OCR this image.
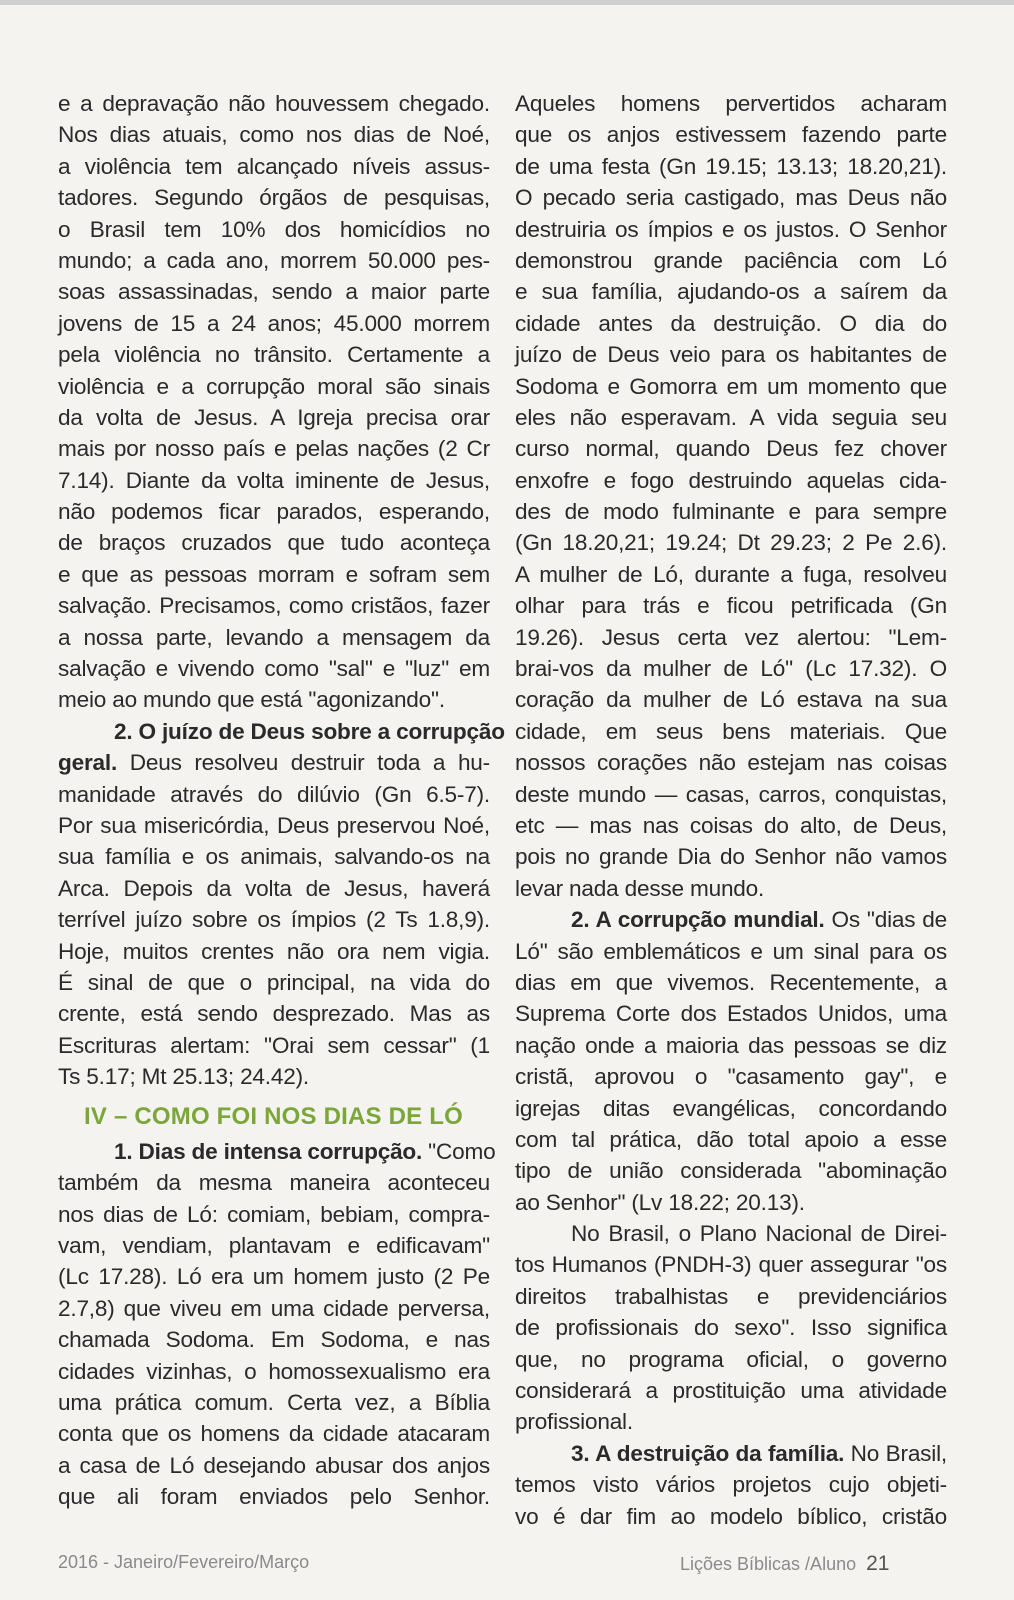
e a depravação não houvessem chegado.
Nos dias atuais, como nos dias de Noé,
a violência tem alcançado níveis assus-
tadores. Segundo órgãos de pesquisas,
o Brasil tem 10% dos homicídios no
mundo; a cada ano, morrem 50.000 pes-
soas assassinadas, sendo a maior parte
jovens de 15 a 24 anos; 45.000 morrem
pela violência no trânsito. Certamente a
violência e a corrupção moral são sinais
da volta de Jesus. A Igreja precisa orar
mais por nosso país e pelas nações (2 Cr
7.14). Diante da volta iminente de Jesus,
não podemos ficar parados, esperando,
de braços cruzados que tudo aconteça
e que as pessoas morram e sofram sem
salvação. Precisamos, como cristãos, fazer
a nossa parte, levando a mensagem da
salvação e vivendo como "sal" e "luz" em
meio ao mundo que está "agonizando".
2. O juízo de Deus sobre a corrupção
geral. Deus resolveu destruir toda a hu-
manidade através do dilúvio (Gn 6.5-7).
Por sua misericórdia, Deus preservou Noé,
sua família e os animais, salvando-os na
Arca. Depois da volta de Jesus, haverá
terrível juízo sobre os ímpios (2 Ts 1.8,9).
Hoje, muitos crentes não ora nem vigia.
É sinal de que o principal, na vida do
crente, está sendo desprezado. Mas as
Escrituras alertam: "Orai sem cessar" (1
Ts 5.17; Mt 25.13; 24.42).
IV – COMO FOI NOS DIAS DE LÓ
1. Dias de intensa corrupção. "Como
também da mesma maneira aconteceu
nos dias de Ló: comiam, bebiam, compra-
vam, vendiam, plantavam e edificavam"
(Lc 17.28). Ló era um homem justo (2 Pe
2.7,8) que viveu em uma cidade perversa,
chamada Sodoma. Em Sodoma, e nas
cidades vizinhas, o homossexualismo era
uma prática comum. Certa vez, a Bíblia
conta que os homens da cidade atacaram
a casa de Ló desejando abusar dos anjos
que ali foram enviados pelo Senhor.
Aqueles homens pervertidos acharam
que os anjos estivessem fazendo parte
de uma festa (Gn 19.15; 13.13; 18.20,21).
O pecado seria castigado, mas Deus não
destruiria os ímpios e os justos. O Senhor
demonstrou grande paciência com Ló
e sua família, ajudando-os a saírem da
cidade antes da destruição. O dia do
juízo de Deus veio para os habitantes de
Sodoma e Gomorra em um momento que
eles não esperavam. A vida seguia seu
curso normal, quando Deus fez chover
enxofre e fogo destruindo aquelas cida-
des de modo fulminante e para sempre
(Gn 18.20,21; 19.24; Dt 29.23; 2 Pe 2.6).
A mulher de Ló, durante a fuga, resolveu
olhar para trás e ficou petrificada (Gn
19.26). Jesus certa vez alertou: "Lem-
brai-vos da mulher de Ló" (Lc 17.32). O
coração da mulher de Ló estava na sua
cidade, em seus bens materiais. Que
nossos corações não estejam nas coisas
deste mundo — casas, carros, conquistas,
etc — mas nas coisas do alto, de Deus,
pois no grande Dia do Senhor não vamos
levar nada desse mundo.
2. A corrupção mundial. Os "dias de
Ló" são emblemáticos e um sinal para os
dias em que vivemos. Recentemente, a
Suprema Corte dos Estados Unidos, uma
nação onde a maioria das pessoas se diz
cristã, aprovou o "casamento gay", e
igrejas ditas evangélicas, concordando
com tal prática, dão total apoio a esse
tipo de união considerada "abominação
ao Senhor" (Lv 18.22; 20.13).
No Brasil, o Plano Nacional de Direi-
tos Humanos (PNDH-3) quer assegurar "os
direitos trabalhistas e previdenciários
de profissionais do sexo". Isso significa
que, no programa oficial, o governo
considerará a prostituição uma atividade
profissional.
3. A destruição da família. No Brasil,
temos visto vários projetos cujo objeti-
vo é dar fim ao modelo bíblico, cristão
2016 - Janeiro/Fevereiro/Março	Lições Bíblicas /Aluno 21
